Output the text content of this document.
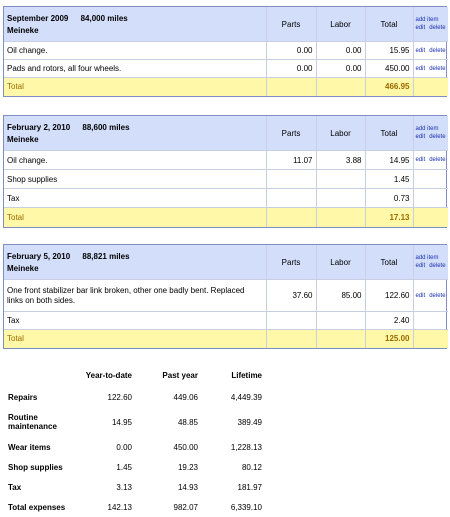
September 2009 84,000 miles
Meineke	Parts	Labor	Total	add item
edit delete
Oil change.	0.00	0.00	15.95	edit delete
Pads and rotors, all four wheels.	0.00	0.00	450.00	edit delete
Total			466.95	
February 2, 2010 88,600 miles
Meineke	Parts	Labor	Total	add item
edit delete
Oil change.	11.07	3.88	14.95	edit delete
Shop supplies			1.45	
Tax			0.73	
Total			17.13	
February 5, 2010 88,821 miles
Meineke	Parts	Labor	Total	add item
edit delete
One front stabilizer bar link broken, other one badly bent. Replaced links on both sides.	37.60	85.00	122.60	edit delete
Tax			2.40	
Total			125.00	
	Year-to-date	Past year	Lifetime
Repairs	122.60	449.06	4,449.39
Routine maintenance	14.95	48.85	389.49
Wear items	0.00	450.00	1,228.13
Shop supplies	1.45	19.23	80.12
Tax	3.13	14.93	181.97
Total expenses	142.13	982.07	6,339.10
